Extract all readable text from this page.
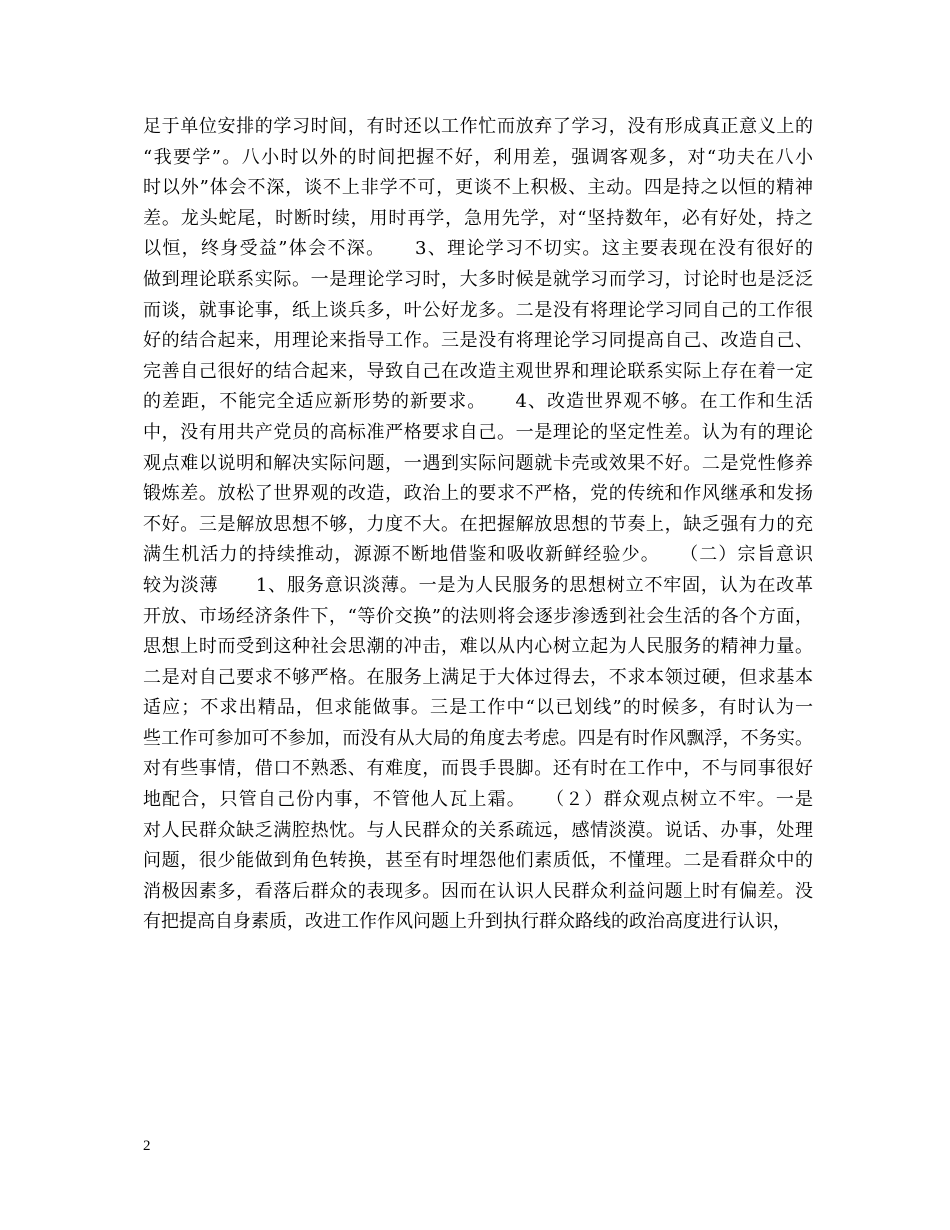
足于单位安排的学习时间，有时还以工作忙而放弃了学习，没有形成真正意义上的
“我要学”。八小时以外的时间把握不好，利用差，强调客观多，对“功夫在八小
时以外”体会不深，谈不上非学不可，更谈不上积极、主动。四是持之以恒的精神
差。龙头蛇尾，时断时续，用时再学，急用先学，对“坚持数年，必有好处，持之
以恒，终身受益”体会不深。　　3、理论学习不切实。这主要表现在没有很好的
做到理论联系实际。一是理论学习时，大多时候是就学习而学习，讨论时也是泛泛
而谈，就事论事，纸上谈兵多，叶公好龙多。二是没有将理论学习同自己的工作很
好的结合起来，用理论来指导工作。三是没有将理论学习同提高自己、改造自己、
完善自己很好的结合起来，导致自己在改造主观世界和理论联系实际上存在着一定
的差距，不能完全适应新形势的新要求。　　4、改造世界观不够。在工作和生活
中，没有用共产党员的高标准严格要求自己。一是理论的坚定性差。认为有的理论
观点难以说明和解决实际问题，一遇到实际问题就卡壳或效果不好。二是党性修养
锻炼差。放松了世界观的改造，政治上的要求不严格，党的传统和作风继承和发扬
不好。三是解放思想不够，力度不大。在把握解放思想的节奏上，缺乏强有力的充
满生机活力的持续推动，源源不断地借鉴和吸收新鲜经验少。　　（二）宗旨意识
较为淡薄　　1、服务意识淡薄。一是为人民服务的思想树立不牢固，认为在改革
开放、市场经济条件下，“等价交换”的法则将会逐步渗透到社会生活的各个方面，
思想上时而受到这种社会思潮的冲击，难以从内心树立起为人民服务的精神力量。
二是对自己要求不够严格。在服务上满足于大体过得去，不求本领过硬，但求基本
适应；不求出精品，但求能做事。三是工作中“以已划线”的时候多，有时认为一
些工作可参加可不参加，而没有从大局的角度去考虑。四是有时作风飘浮，不务实。
对有些事情，借口不熟悉、有难度，而畏手畏脚。还有时在工作中，不与同事很好
地配合，只管自己份内事，不管他人瓦上霜。　　（２）群众观点树立不牢。一是
对人民群众缺乏满腔热忱。与人民群众的关系疏远，感情淡漠。说话、办事，处理
问题，很少能做到角色转换，甚至有时埋怨他们素质低，不懂理。二是看群众中的
消极因素多，看落后群众的表现多。因而在认识人民群众利益问题上时有偏差。没
有把提高自身素质，改进工作作风问题上升到执行群众路线的政治高度进行认识，
2
